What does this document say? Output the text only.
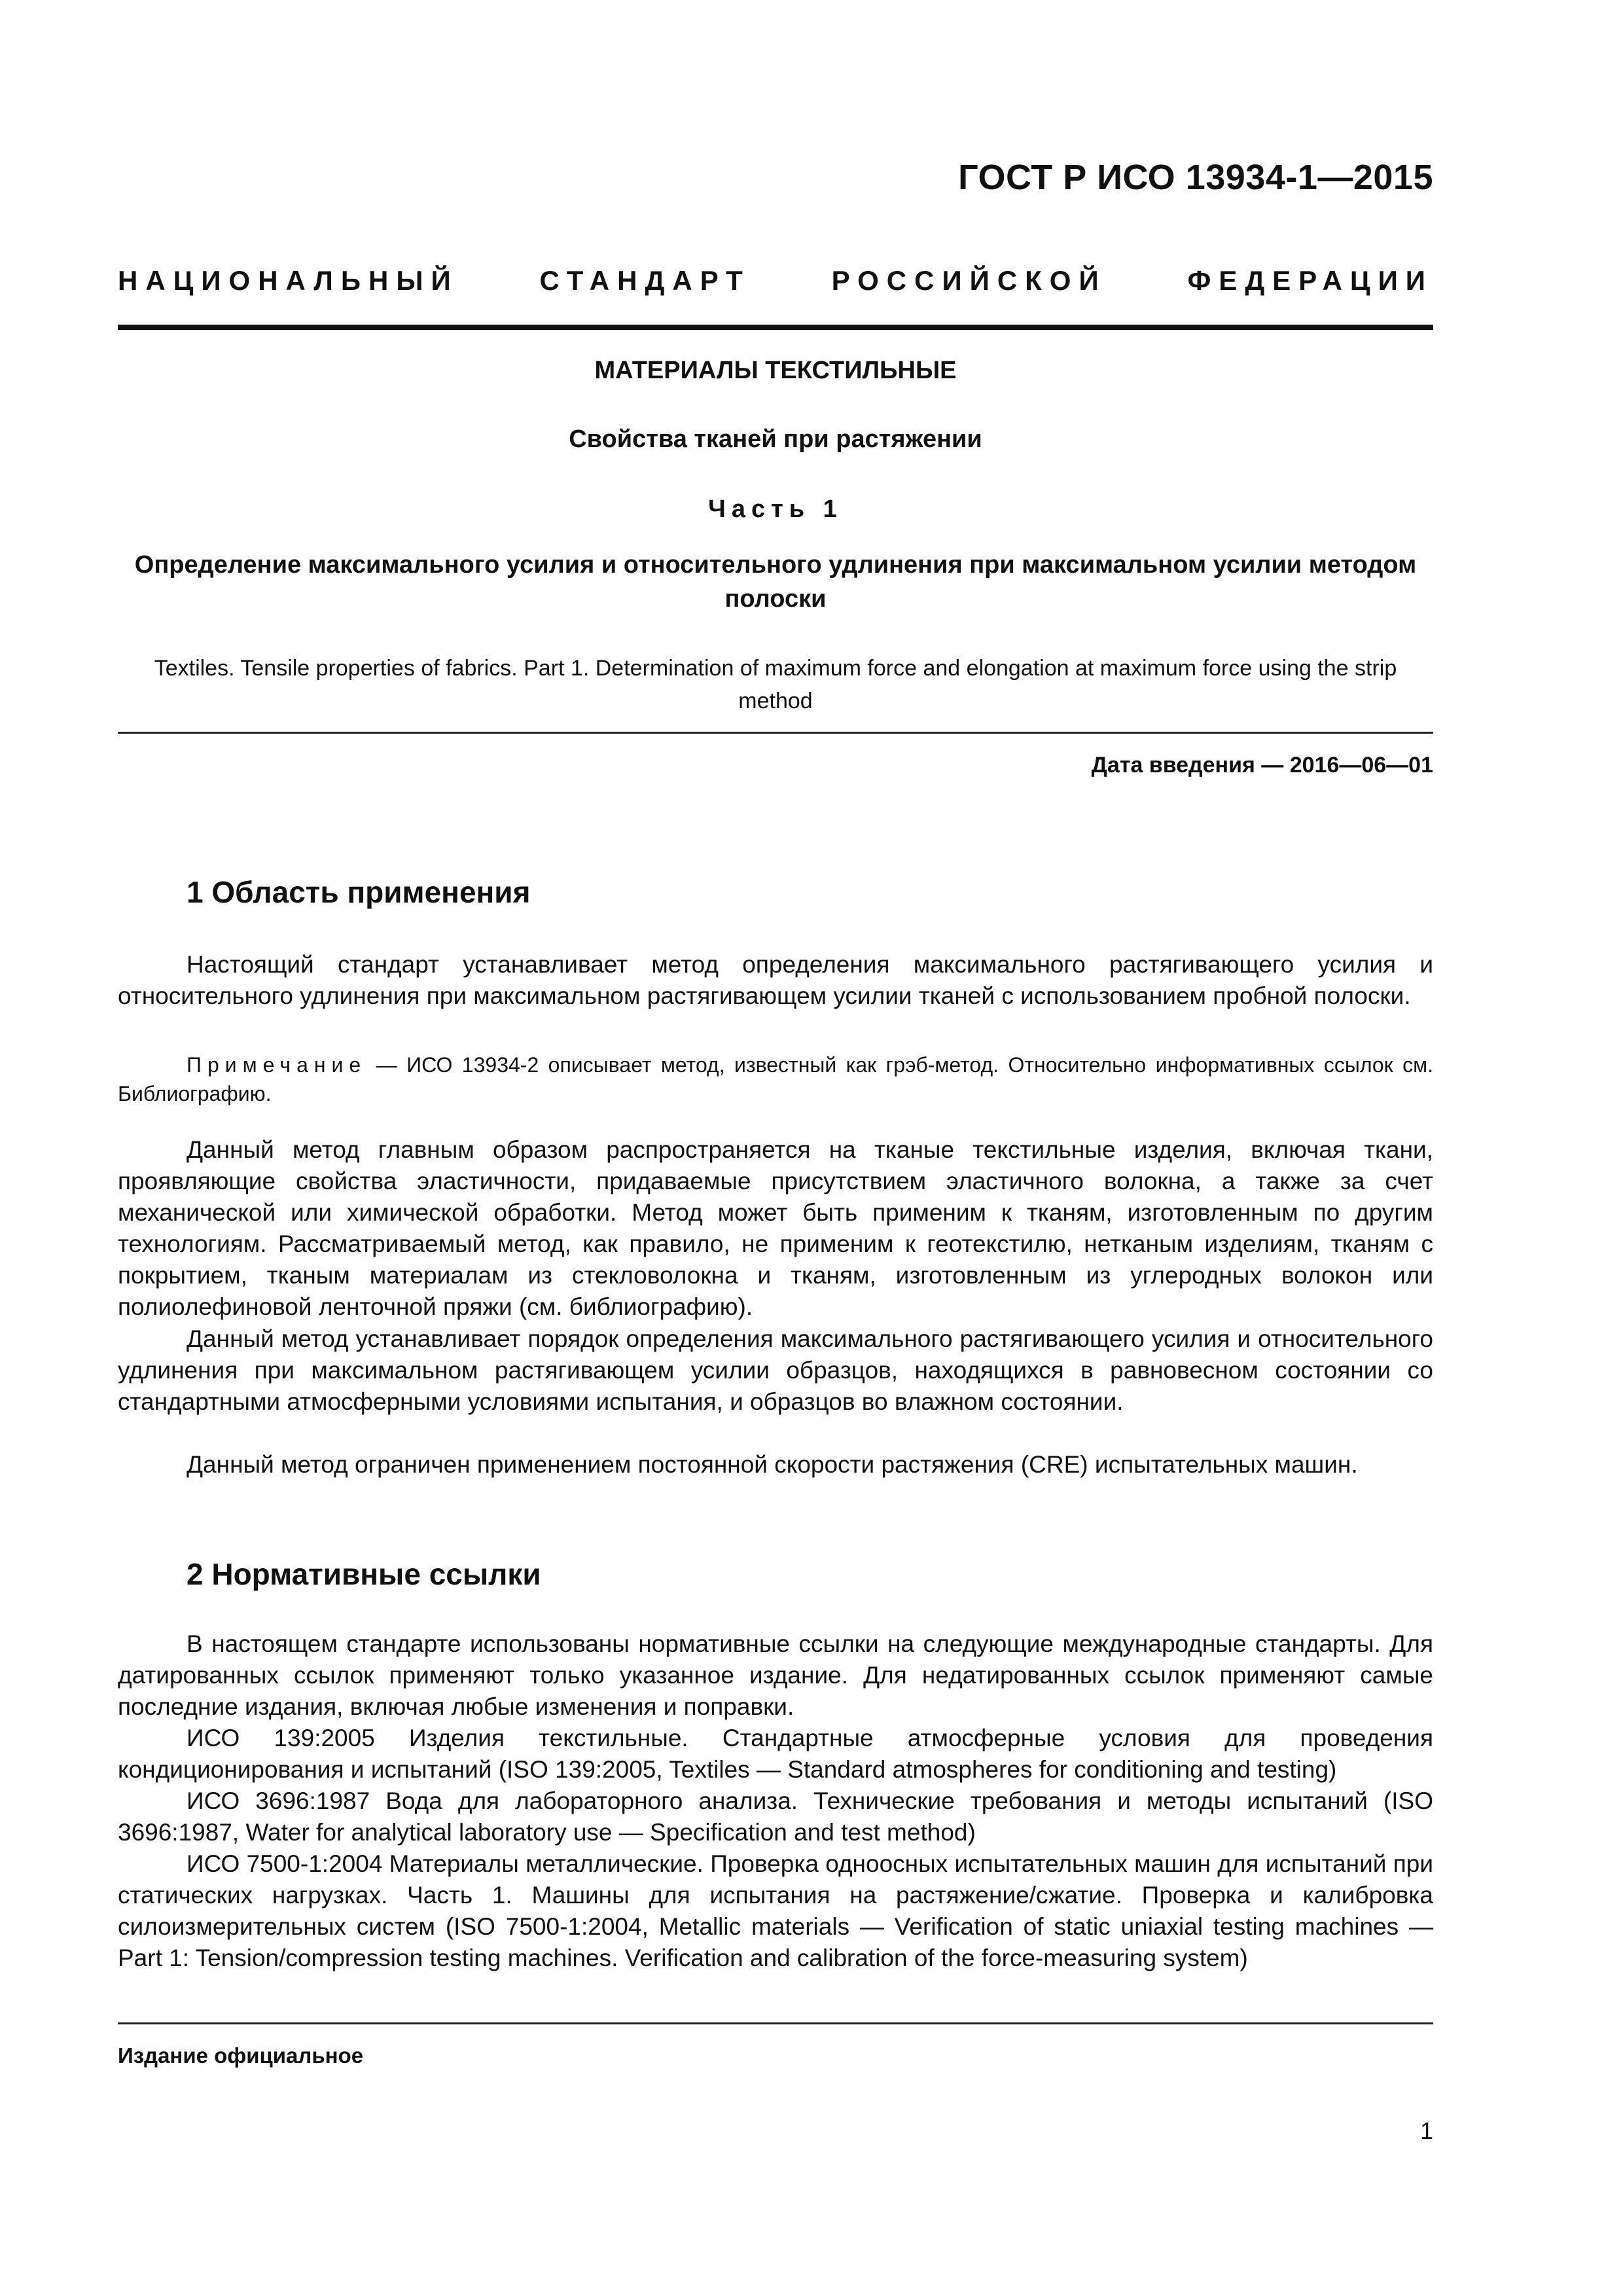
ГОСТ Р ИСО 13934-1—2015
НАЦИОНАЛЬНЫЙ	СТАНДАРТ	РОССИЙСКОЙ	ФЕДЕРАЦИИ
МАТЕРИАЛЫ ТЕКСТИЛЬНЫЕ
Свойства тканей при растяжении
Часть 1
Определение максимального усилия и относительного удлинения при максимальном усилии методом полоски
Textiles. Tensile properties of fabrics. Part 1. Determination of maximum force and elongation at maximum force using the strip method
Дата введения — 2016—06—01
1 Область применения
Настоящий стандарт устанавливает метод определения максимального растягивающего усилия и относительного удлинения при максимальном растягивающем усилии тканей с использованием пробной полоски.
Примечание — ИСО 13934-2 описывает метод, известный как грэб-метод. Относительно информативных ссылок см. Библиографию.
Данный метод главным образом распространяется на тканые текстильные изделия, включая ткани, проявляющие свойства эластичности, придаваемые присутствием эластичного волокна, а также за счет механической или химической обработки. Метод может быть применим к тканям, изготовленным по другим технологиям. Рассматриваемый метод, как правило, не применим к геотекстилю, нетканым изделиям, тканям с покрытием, тканым материалам из стекловолокна и тканям, изготовленным из углеродных волокон или полиолефиновой ленточной пряжи (см. библиографию).
Данный метод устанавливает порядок определения максимального растягивающего усилия и относительного удлинения при максимальном растягивающем усилии образцов, находящихся в равновесном состоянии со стандартными атмосферными условиями испытания, и образцов во влажном состоянии.
Данный метод ограничен применением постоянной скорости растяжения (CRE) испытательных машин.
2 Нормативные ссылки
В настоящем стандарте использованы нормативные ссылки на следующие международные стандарты. Для датированных ссылок применяют только указанное издание. Для недатированных ссылок применяют самые последние издания, включая любые изменения и поправки.
ИСО 139:2005 Изделия текстильные. Стандартные атмосферные условия для проведения кондиционирования и испытаний (ISO 139:2005, Textiles — Standard atmospheres for conditioning and testing)
ИСО 3696:1987 Вода для лабораторного анализа. Технические требования и методы испытаний (ISO 3696:1987, Water for analytical laboratory use — Specification and test method)
ИСО 7500-1:2004 Материалы металлические. Проверка одноосных испытательных машин для испытаний при статических нагрузках. Часть 1. Машины для испытания на растяжение/сжатие. Проверка и калибровка силоизмерительных систем (ISO 7500-1:2004, Metallic materials — Verification of static uniaxial testing machines — Part 1: Tension/compression testing machines. Verification and calibration of the force-measuring system)
Издание официальное
1
